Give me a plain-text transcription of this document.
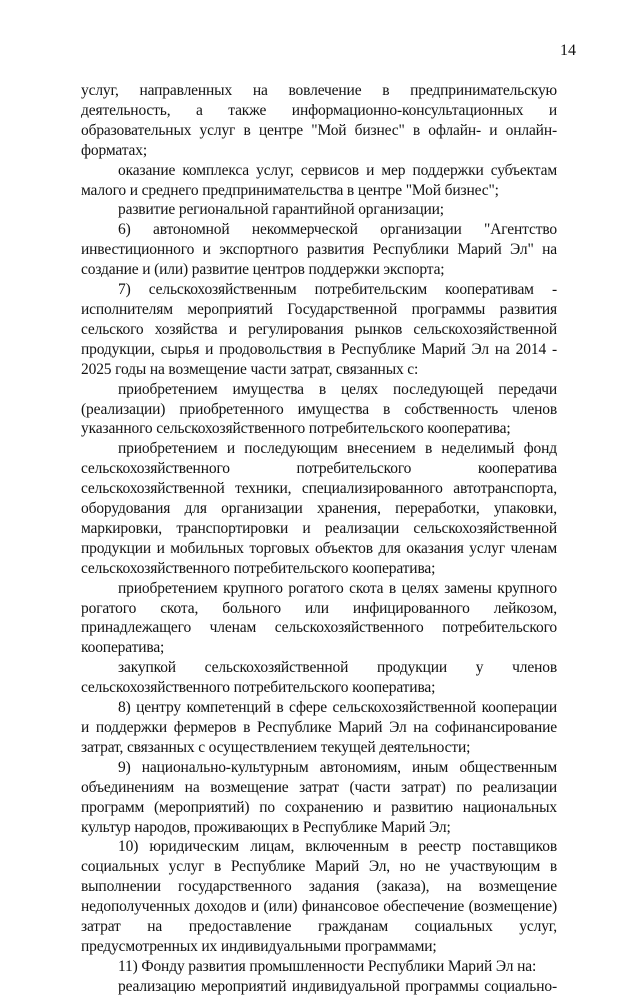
14

услуг, направленных на вовлечение в предпринимательскую деятельность, а также информационно-консультационных и образовательных услуг в центре "Мой бизнес" в офлайн- и онлайн-форматах;

оказание комплекса услуг, сервисов и мер поддержки субъектам малого и среднего предпринимательства в центре "Мой бизнес";

развитие региональной гарантийной организации;

6) автономной некоммерческой организации "Агентство инвестиционного и экспортного развития Республики Марий Эл" на создание и (или) развитие центров поддержки экспорта;

7) сельскохозяйственным потребительским кооперативам - исполнителям мероприятий Государственной программы развития сельского хозяйства и регулирования рынков сельскохозяйственной продукции, сырья и продовольствия в Республике Марий Эл на 2014 - 2025 годы на возмещение части затрат, связанных с:

приобретением имущества в целях последующей передачи (реализации) приобретенного имущества в собственность членов указанного сельскохозяйственного потребительского кооператива;

приобретением и последующим внесением в неделимый фонд сельскохозяйственного потребительского кооператива сельскохозяйственной техники, специализированного автотранспорта, оборудования для организации хранения, переработки, упаковки, маркировки, транспортировки и реализации сельскохозяйственной продукции и мобильных торговых объектов для оказания услуг членам сельскохозяйственного потребительского кооператива;

приобретением крупного рогатого скота в целях замены крупного рогатого скота, больного или инфицированного лейкозом, принадлежащего членам сельскохозяйственного потребительского кооператива;

закупкой сельскохозяйственной продукции у членов сельскохозяйственного потребительского кооператива;

8) центру компетенций в сфере сельскохозяйственной кооперации и поддержки фермеров в Республике Марий Эл на софинансирование затрат, связанных с осуществлением текущей деятельности;

9) национально-культурным автономиям, иным общественным объединениям на возмещение затрат (части затрат) по реализации программ (мероприятий) по сохранению и развитию национальных культур народов, проживающих в Республике Марий Эл;

10) юридическим лицам, включенным в реестр поставщиков социальных услуг в Республике Марий Эл, но не участвующим в выполнении государственного задания (заказа), на возмещение недополученных доходов и (или) финансовое обеспечение (возмещение) затрат на предоставление гражданам социальных услуг, предусмотренных их индивидуальными программами;

11) Фонду развития промышленности Республики Марий Эл на:

реализацию мероприятий индивидуальной программы социально-
